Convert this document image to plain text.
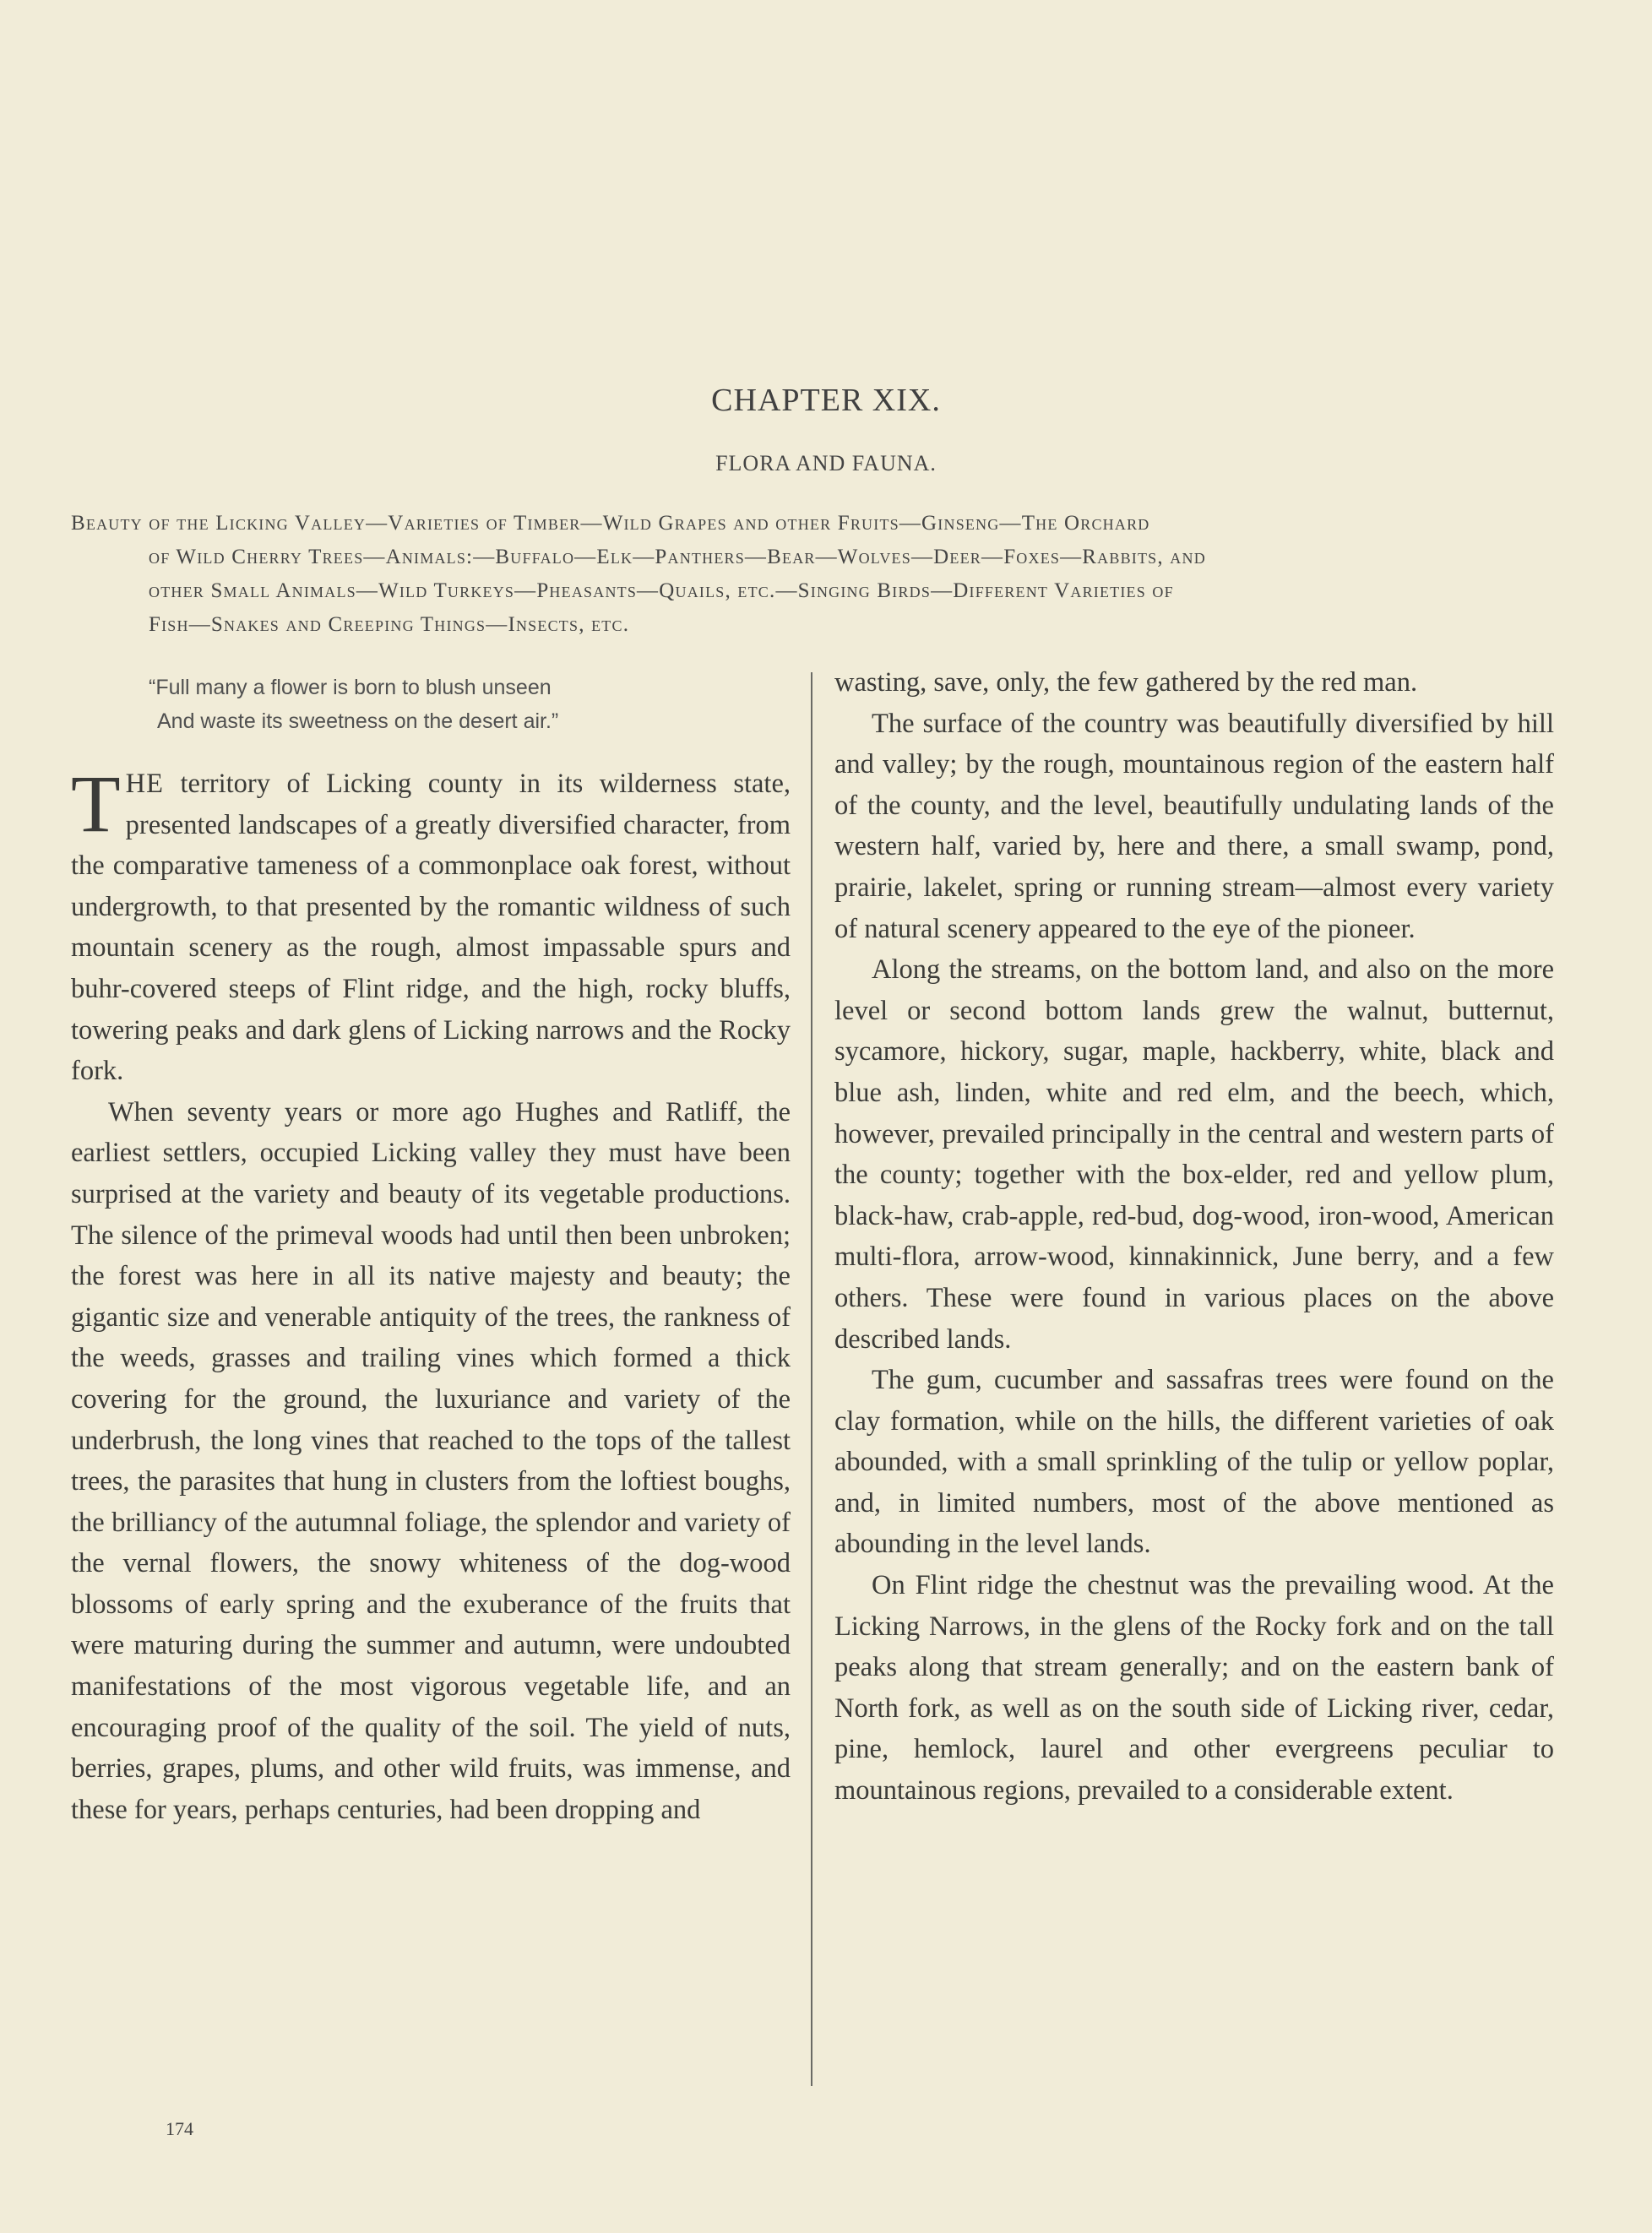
CHAPTER XIX.
FLORA AND FAUNA.
Beauty of the Licking Valley—Varieties of Timber—Wild Grapes and other Fruits—Ginseng—The Orchard
of Wild Cherry Trees—Animals:—Buffalo—Elk—Panthers—Bear—Wolves—Deer—Foxes—Rabbits, and
other Small Animals—Wild Turkeys—Pheasants—Quails, etc.—Singing Birds—Different Varieties of
Fish—Snakes and Creeping Things—Insects, etc.
“Full many a flower is born to blush unseen
And waste its sweetness on the desert air.”

THE territory of Licking county in its wilderness state, presented landscapes of a greatly diversified character, from the comparative tameness of a commonplace oak forest, without undergrowth, to that presented by the romantic wildness of such mountain scenery as the rough, almost impassable spurs and buhr-covered steeps of Flint ridge, and the high, rocky bluffs, towering peaks and dark glens of Licking narrows and the Rocky fork.

When seventy years or more ago Hughes and Ratliff, the earliest settlers, occupied Licking valley they must have been surprised at the variety and beauty of its vegetable productions. The silence of the primeval woods had until then been unbroken; the forest was here in all its native majesty and beauty; the gigantic size and venerable antiquity of the trees, the rankness of the weeds, grasses and trailing vines which formed a thick covering for the ground, the luxuriance and variety of the underbrush, the long vines that reached to the tops of the tallest trees, the parasites that hung in clusters from the loftiest boughs, the brilliancy of the autumnal foliage, the splendor and variety of the vernal flowers, the snowy whiteness of the dog-wood blossoms of early spring and the exuberance of the fruits that were maturing during the summer and autumn, were undoubted manifestations of the most vigorous vegetable life, and an encouraging proof of the quality of the soil. The yield of nuts, berries, grapes, plums, and other wild fruits, was immense, and these for years, perhaps centuries, had been dropping and

wasting, save, only, the few gathered by the red man.

The surface of the country was beautifully diversified by hill and valley; by the rough, mountainous region of the eastern half of the county, and the level, beautifully undulating lands of the western half, varied by, here and there, a small swamp, pond, prairie, lakelet, spring or running stream—almost every variety of natural scenery appeared to the eye of the pioneer.

Along the streams, on the bottom land, and also on the more level or second bottom lands grew the walnut, butternut, sycamore, hickory, sugar, maple, hackberry, white, black and blue ash, linden, white and red elm, and the beech, which, however, prevailed principally in the central and western parts of the county; together with the box-elder, red and yellow plum, black-haw, crab-apple, red-bud, dog-wood, iron-wood, American multi-flora, arrow-wood, kinnakinnick, June berry, and a few others. These were found in various places on the above described lands.

The gum, cucumber and sassafras trees were found on the clay formation, while on the hills, the different varieties of oak abounded, with a small sprinkling of the tulip or yellow poplar, and, in limited numbers, most of the above mentioned as abounding in the level lands.

On Flint ridge the chestnut was the prevailing wood. At the Licking Narrows, in the glens of the Rocky fork and on the tall peaks along that stream generally; and on the eastern bank of North fork, as well as on the south side of Licking river, cedar, pine, hemlock, laurel and other evergreens peculiar to mountainous regions, prevailed to a considerable extent.

174
